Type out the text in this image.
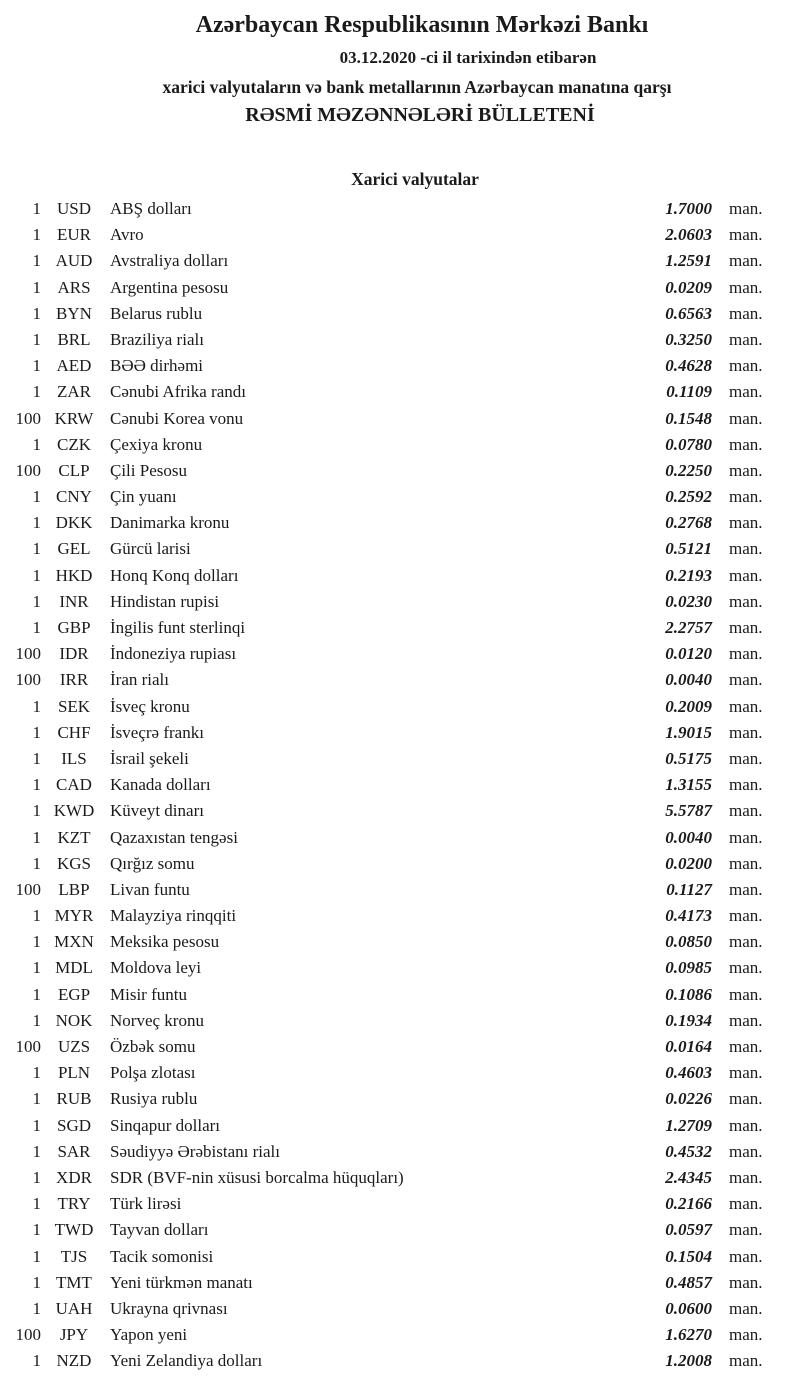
Azərbaycan Respublikasının Mərkəzi Bankı
03.12.2020 -ci il tarixindən etibarən
xarici valyutaların və bank metallarının Azərbaycan manatına qarşı
RƏSMİ MƏZƏNNƏLƏRİ BÜLLETENİ
Xarici valyutalar
1 USD	ABŞ dolları	1.7000	man.
1 EUR	Avro	2.0603	man.
1 AUD	Avstraliya dolları	1.2591	man.
1 ARS	Argentina pesosu	0.0209	man.
1 BYN	Belarus rublu	0.6563	man.
1 BRL	Braziliya rialı	0.3250	man.
1 AED	BƏƏ dirhəmi	0.4628	man.
1 ZAR	Cənubi Afrika randı	0.1109	man.
100 KRW Cənubi Korea vonu	0.1548	man.
1 CZK	Çexiya kronu	0.0780	man.
100	CLP	Çili Pesosu	0.2250	man.
1 CNY	Çin yuanı	0.2592	man.
1 DKK	Danimarka kronu	0.2768	man.
1 GEL	Gürcü larisi	0.5121	man.
1 HKD	Honq Konq dolları	0.2193	man.
1	INR	Hindistan rupisi	0.0230	man.
1 GBP	İngilis funt sterlinqi	2.2757	man.
100	IDR	İndoneziya rupiası	0.0120	man.
100	IRR	İran rialı	0.0040	man.
1 SEK	İsveç kronu	0.2009	man.
1 CHF	İsveçrə frankı	1.9015	man.
1	ILS	İsrail şekeli	0.5175	man.
1 CAD	Kanada dolları	1.3155	man.
1 KWD Küveyt dinarı	5.5787	man.
1 KZT	Qazaxıstan tengəsi	0.0040	man.
1 KGS	Qırğız somu	0.0200	man.
100	LBP	Livan funtu	0.1127	man.
1 MYR Malayziya rinqqiti	0.4173	man.
1 MXN Meksika pesosu	0.0850	man.
1 MDL	Moldova leyi	0.0985	man.
1 EGP	Misir funtu	0.1086	man.
1 NOK	Norveç kronu	0.1934	man.
100 UZS	Özbək somu	0.0164	man.
1 PLN	Polşa zlotası	0.4603	man.
1 RUB	Rusiya rublu	0.0226	man.
1 SGD	Sinqapur dolları	1.2709	man.
1 SAR	Səudiyyə Ərəbistanı rialı	0.4532	man.
1 XDR	SDR (BVF-nin xüsusi borcalma hüquqları)	2.4345	man.
1 TRY	Türk lirəsi	0.2166	man.
1 TWD Tayvan dolları	0.0597	man.
1	TJS	Tacik somonisi	0.1504	man.
1 TMT	Yeni türkmən manatı	0.4857	man.
1 UAH	Ukrayna qrivnası	0.0600	man.
100	JPY	Yapon yeni	1.6270	man.
1 NZD	Yeni Zelandiya dolları	1.2008	man.
